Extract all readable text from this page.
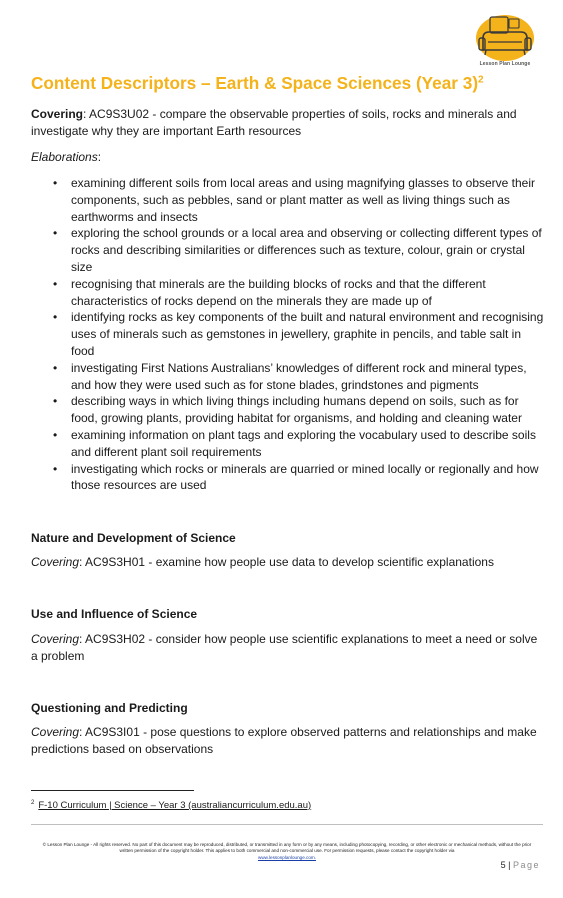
Lesson Plan Lounge
Content Descriptors – Earth & Space Sciences (Year 3)$^2$
Covering: AC9S3U02 - compare the observable properties of soils, rocks and minerals and investigate why they are important Earth resources
Elaborations:
• examining different soils from local areas and using magnifying glasses to observe their components, such as pebbles, sand or plant matter as well as living things such as earthworms and insects
• exploring the school grounds or a local area and observing or collecting different types of rocks and describing similarities or differences such as texture, colour, grain or crystal size
• recognising that minerals are the building blocks of rocks and that the different characteristics of rocks depend on the minerals they are made up of
• identifying rocks as key components of the built and natural environment and recognising uses of minerals such as gemstones in jewellery, graphite in pencils, and table salt in food
• investigating First Nations Australians’ knowledges of different rock and mineral types, and how they were used such as for stone blades, grindstones and pigments
• describing ways in which living things including humans depend on soils, such as for food, growing plants, providing habitat for organisms, and holding and cleaning water
• examining information on plant tags and exploring the vocabulary used to describe soils and different plant soil requirements
• investigating which rocks or minerals are quarried or mined locally or regionally and how those resources are used
Nature and Development of Science
Covering: AC9S3H01 - examine how people use data to develop scientific explanations
Use and Influence of Science
Covering: AC9S3H02 - consider how people use scientific explanations to meet a need or solve a problem
Questioning and Predicting
Covering: AC9S3I01 - pose questions to explore observed patterns and relationships and make predictions based on observations
$^2$ F-10 Curriculum | Science – Year 3 (australiancurriculum.edu.au)
© Lesson Plan Lounge - All rights reserved. No part of this document may be reproduced, distributed, or transmitted in any form or by any means, including photocopying, recording, or other electronic or mechanical methods, without the prior written permission of the copyright holder. This applies to both commercial and non-commercial use. For permission requests, please contact the copyright holder via
www.lessonplanlounge.com.
5 | Page
